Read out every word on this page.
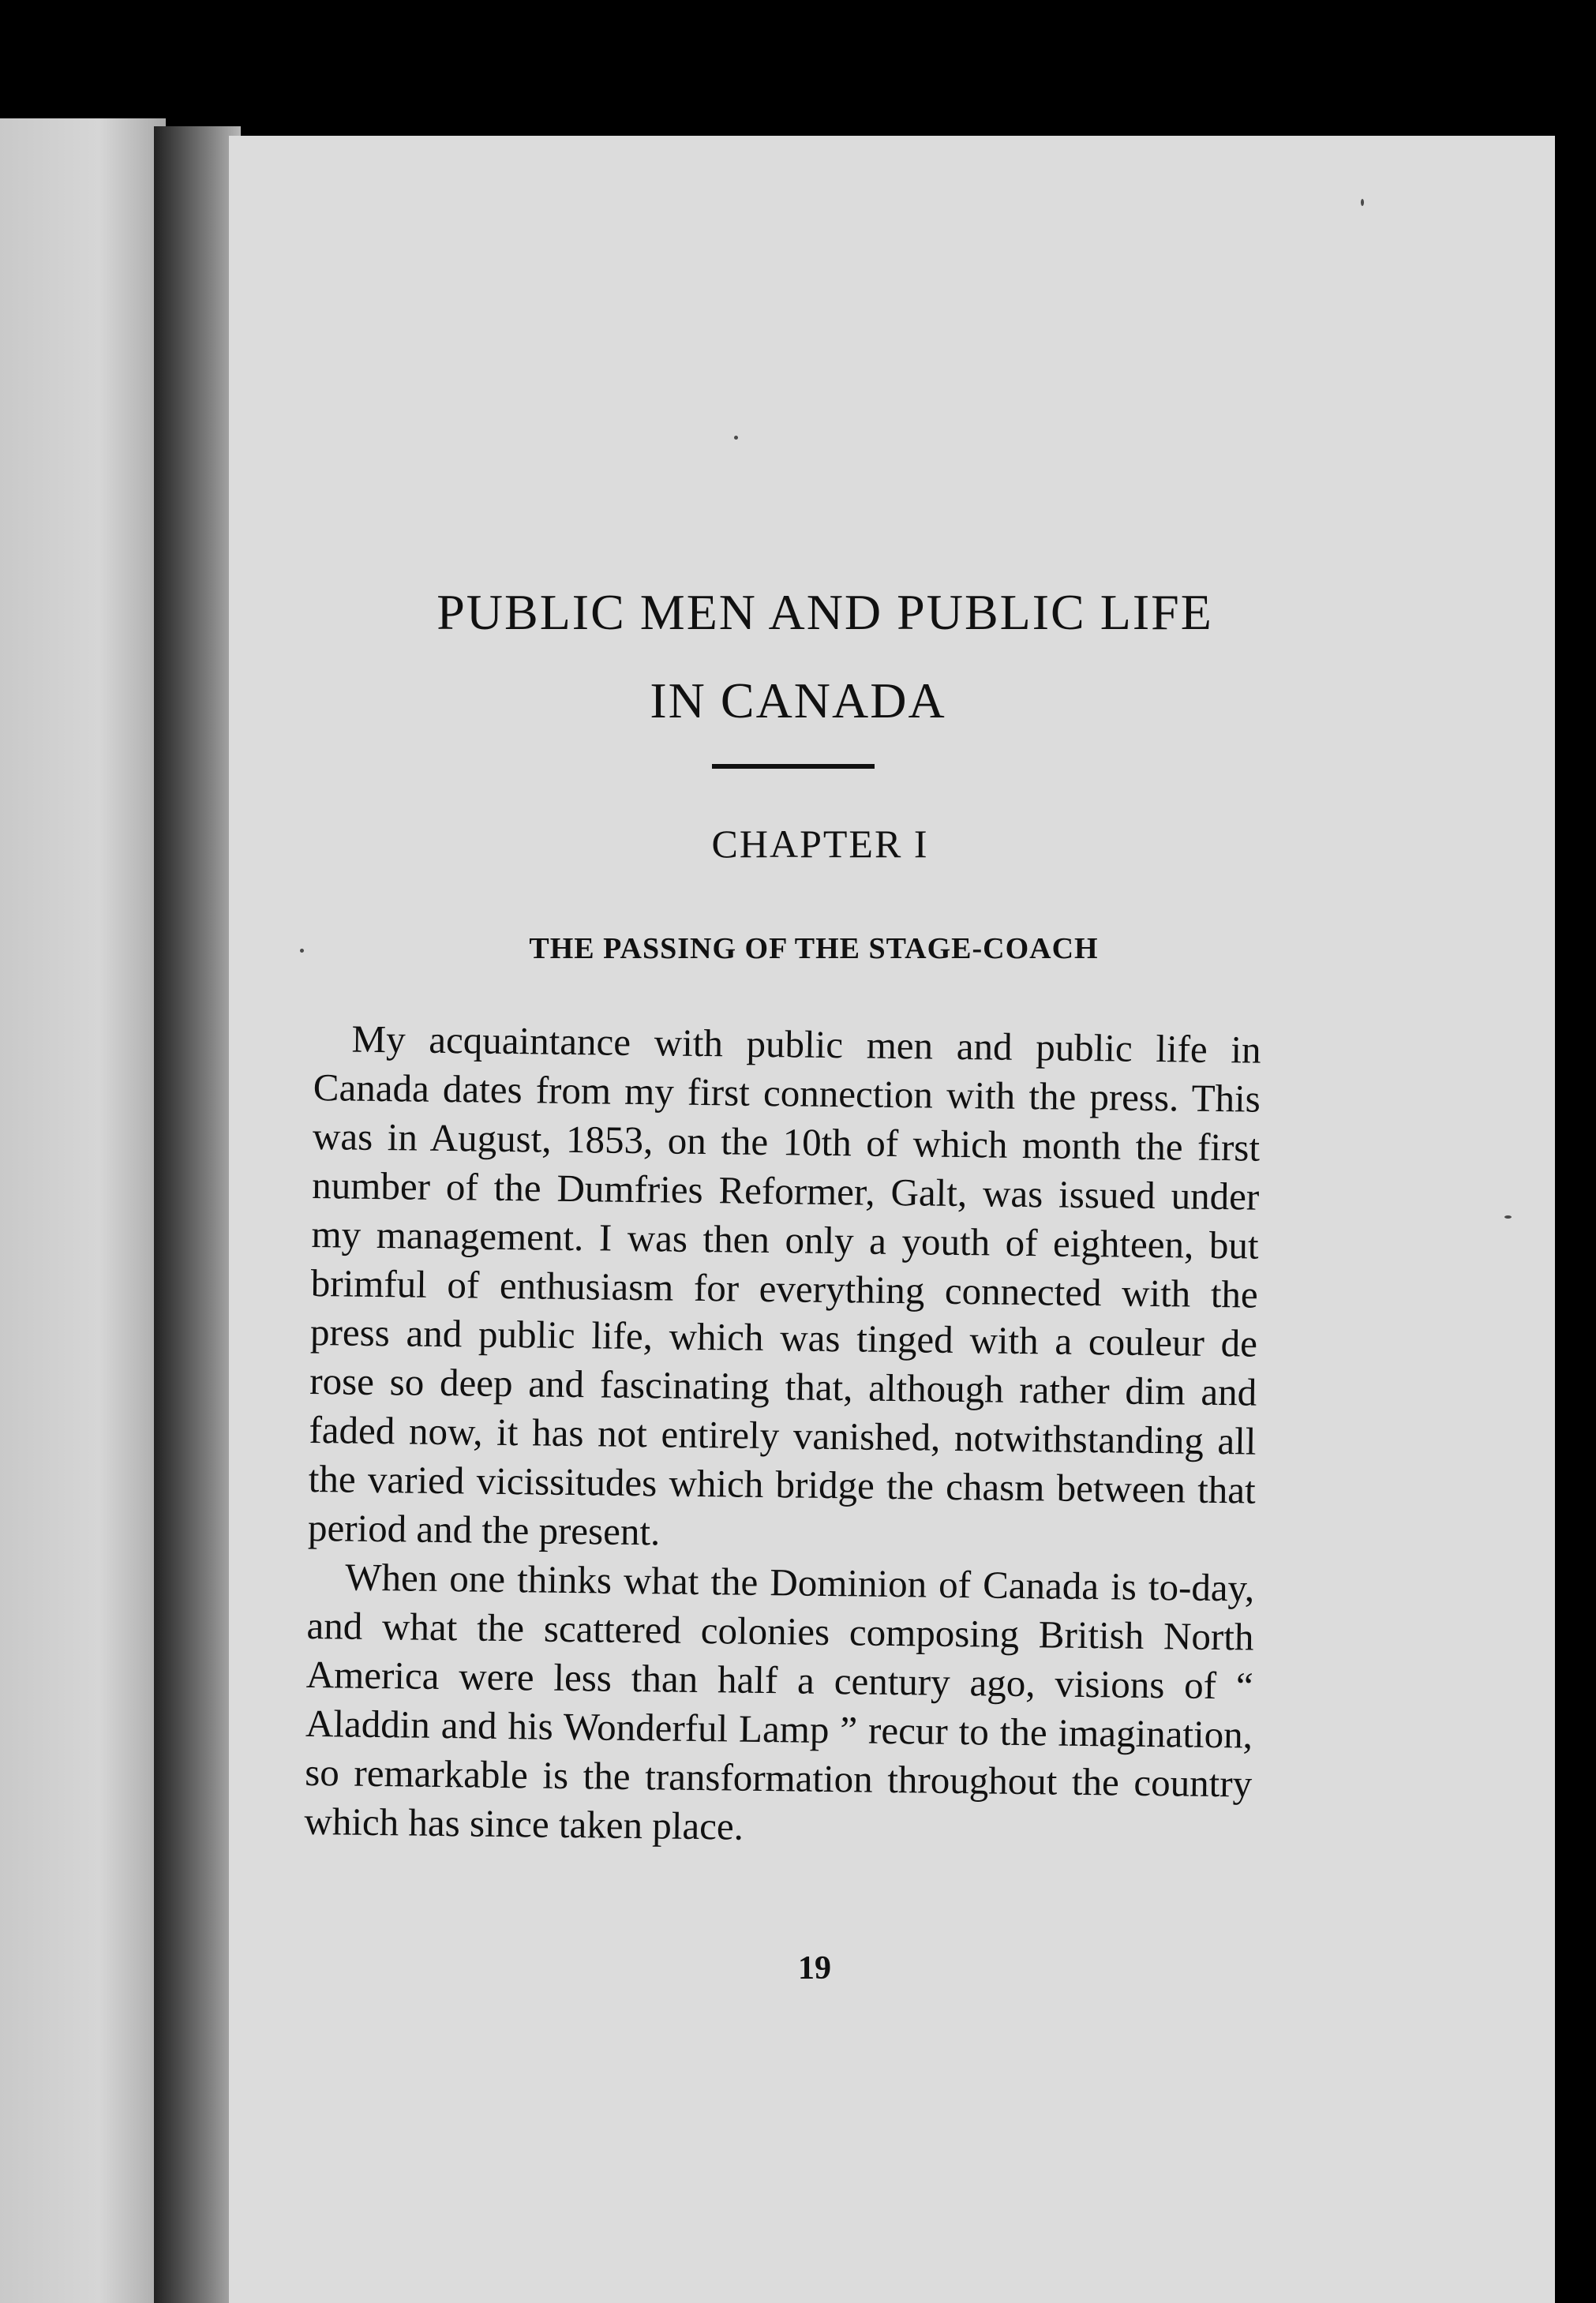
PUBLIC MEN AND PUBLIC LIFE
IN CANADA
CHAPTER I
THE PASSING OF THE STAGE-COACH

My acquaintance with public men and public life in Canada dates from my first connection with the press. This was in August, 1853, on the 10th of which month the first number of the Dumfries Reformer, Galt, was issued under my management. I was then only a youth of eighteen, but brimful of enthusiasm for everything connected with the press and public life, which was tinged with a couleur de rose so deep and fascinating that, although rather dim and faded now, it has not entirely vanished, notwithstanding all the varied vicissitudes which bridge the chasm between that period and the present.

When one thinks what the Dominion of Canada is to-day, and what the scattered colonies composing British North America were less than half a century ago, visions of “ Aladdin and his Wonderful Lamp ” recur to the imagination, so remarkable is the transformation throughout the country which has since taken place.

19
